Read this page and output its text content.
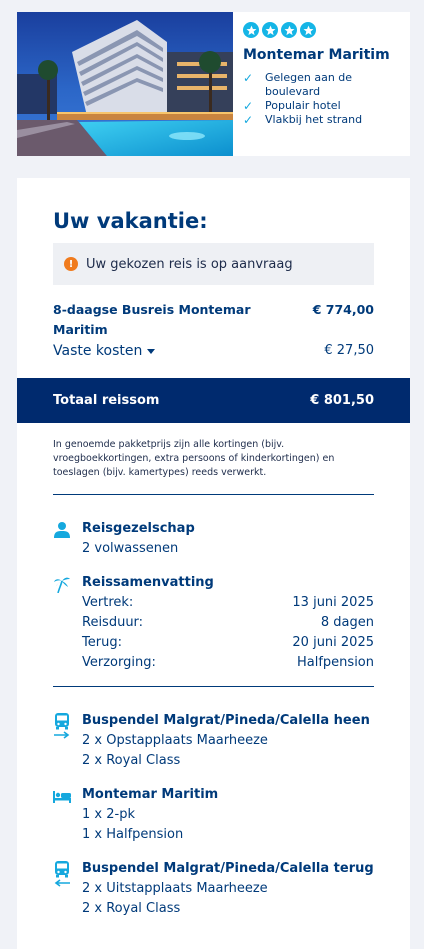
Montemar Maritim
✓ Gelegen aan de boulevard
✓ Populair hotel
✓ Vlakbij het strand
Uw vakantie:
! Uw gekozen reis is op aanvraag
8-daagse Busreis Montemar Maritim
€ 774,00
Vaste kosten	€ 27,50
Totaal reissom	€ 801,50

In genoemde pakketprijs zijn alle kortingen (bijv. vroegboekkortingen, extra persoons of kinderkortingen) en toeslagen (bijv. kamertypes) reeds verwerkt.

Reisgezelschap
2 volwassenen
Reissamenvatting
Vertrek:	13 juni 2025
Reisduur:	8 dagen
Terug:	20 juni 2025
Verzorging:	Halfpension
Buspendel Malgrat/Pineda/Calella heen
2 x Opstapplaats Maarheeze
2 x Royal Class
Montemar Maritim
1 x 2-pk
1 x Halfpension
Buspendel Malgrat/Pineda/Calella terug
2 x Uitstapplaats Maarheeze
2 x Royal Class
